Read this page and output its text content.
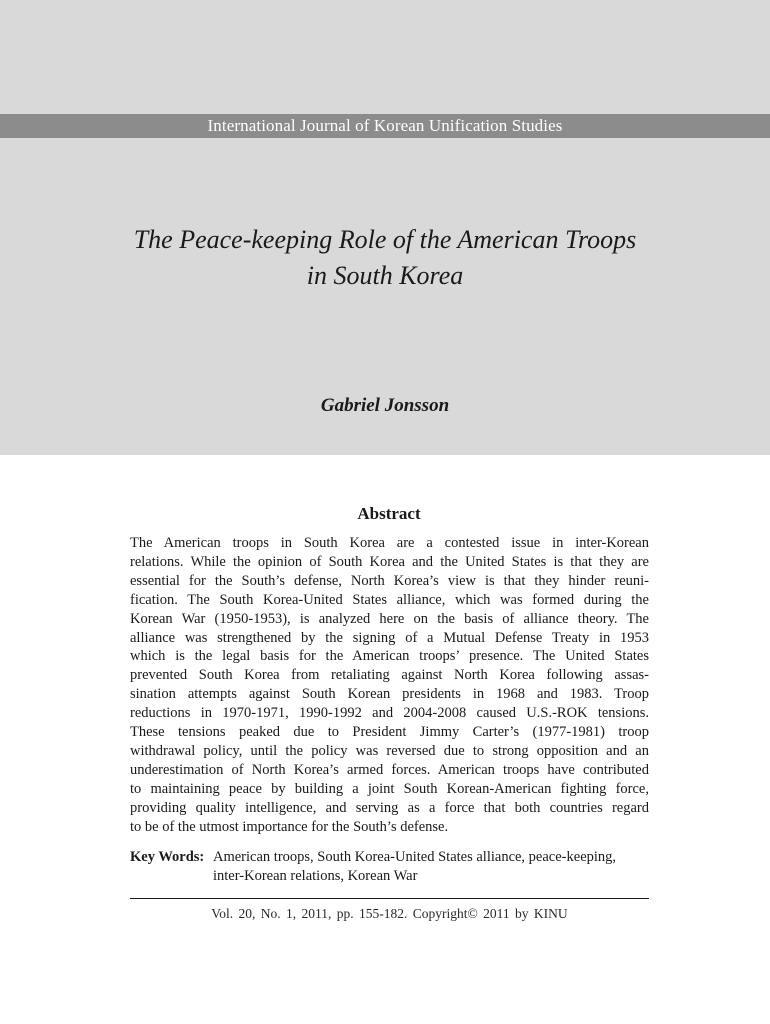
International Journal of Korean Unification Studies
The Peace-keeping Role of the American Troops
in South Korea
Gabriel Jonsson
Abstract
The American troops in South Korea are a contested issue in inter-Korean
relations. While the opinion of South Korea and the United States is that they are
essential for the South’s defense, North Korea’s view is that they hinder reuni-
fication. The South Korea-United States alliance, which was formed during the
Korean War (1950-1953), is analyzed here on the basis of alliance theory. The
alliance was strengthened by the signing of a Mutual Defense Treaty in 1953
which is the legal basis for the American troops’ presence. The United States
prevented South Korea from retaliating against North Korea following assas-
sination attempts against South Korean presidents in 1968 and 1983. Troop
reductions in 1970-1971, 1990-1992 and 2004-2008 caused U.S.-ROK tensions.
These tensions peaked due to President Jimmy Carter’s (1977-1981) troop
withdrawal policy, until the policy was reversed due to strong opposition and an
underestimation of North Korea’s armed forces. American troops have contributed
to maintaining peace by building a joint South Korean-American fighting force,
providing quality intelligence, and serving as a force that both countries regard
to be of the utmost importance for the South’s defense.
Key Words: American troops, South Korea-United States alliance, peace-keeping,
inter-Korean relations, Korean War
Vol. 20, No. 1, 2011, pp. 155-182. Copyright© 2011 by KINU
